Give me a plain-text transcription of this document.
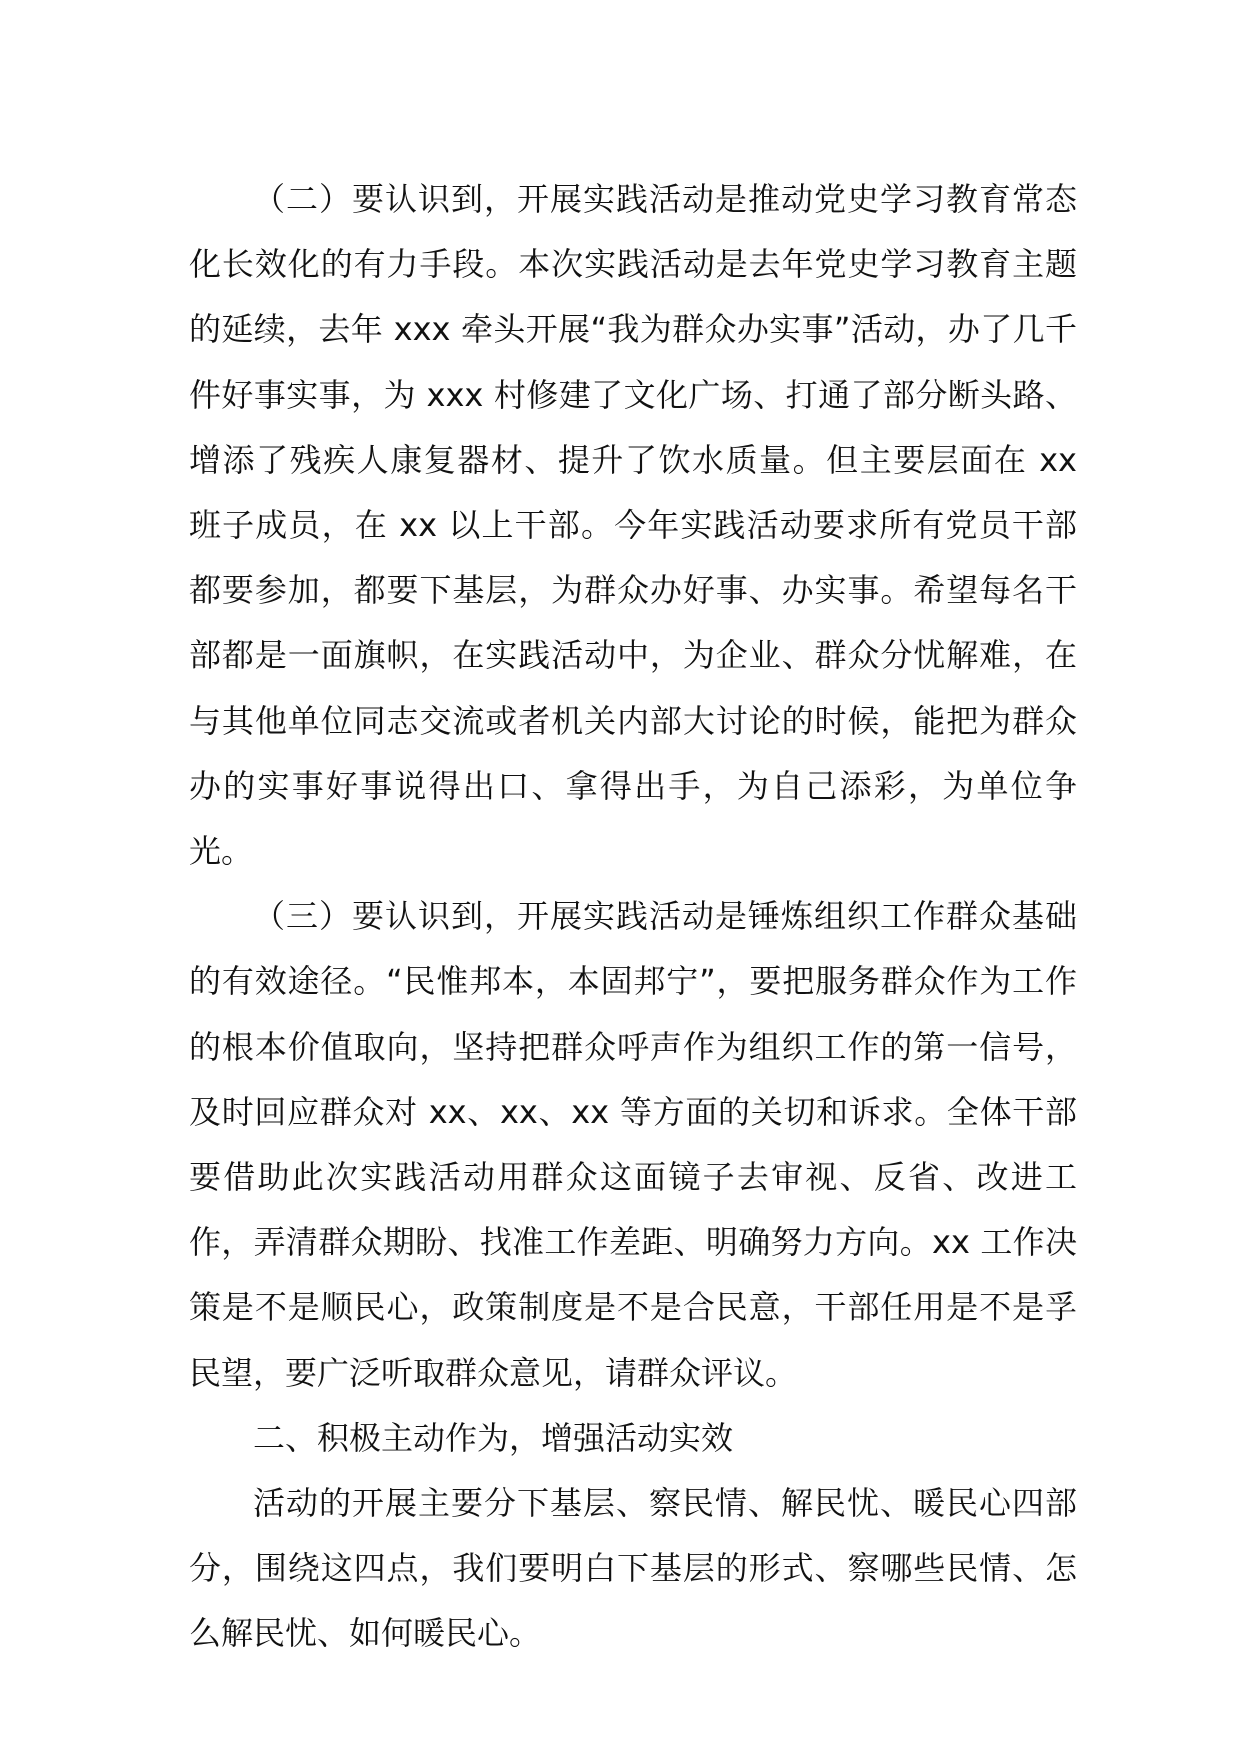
（二）要认识到，开展实践活动是推动党史学习教育常态化长效化的有力手段。本次实践活动是去年党史学习教育主题的延续，去年 xxx 牵头开展“我为群众办实事”活动，办了几千件好事实事，为 xxx 村修建了文化广场、打通了部分断头路、增添了残疾人康复器材、提升了饮水质量。但主要层面在 xx 班子成员，在 xx 以上干部。今年实践活动要求所有党员干部都要参加，都要下基层，为群众办好事、办实事。希望每名干部都是一面旗帜，在实践活动中，为企业、群众分忧解难，在与其他单位同志交流或者机关内部大讨论的时候，能把为群众办的实事好事说得出口、拿得出手，为自己添彩，为单位争光。

（三）要认识到，开展实践活动是锤炼组织工作群众基础的有效途径。“民惟邦本，本固邦宁”，要把服务群众作为工作的根本价值取向，坚持把群众呼声作为组织工作的第一信号，及时回应群众对 xx、xx、xx 等方面的关切和诉求。全体干部要借助此次实践活动用群众这面镜子去审视、反省、改进工作，弄清群众期盼、找准工作差距、明确努力方向。xx 工作决策是不是顺民心，政策制度是不是合民意，干部任用是不是孚民望，要广泛听取群众意见，请群众评议。

二、积极主动作为，增强活动实效

活动的开展主要分下基层、察民情、解民忧、暖民心四部分，围绕这四点，我们要明白下基层的形式、察哪些民情、怎么解民忧、如何暖民心。
